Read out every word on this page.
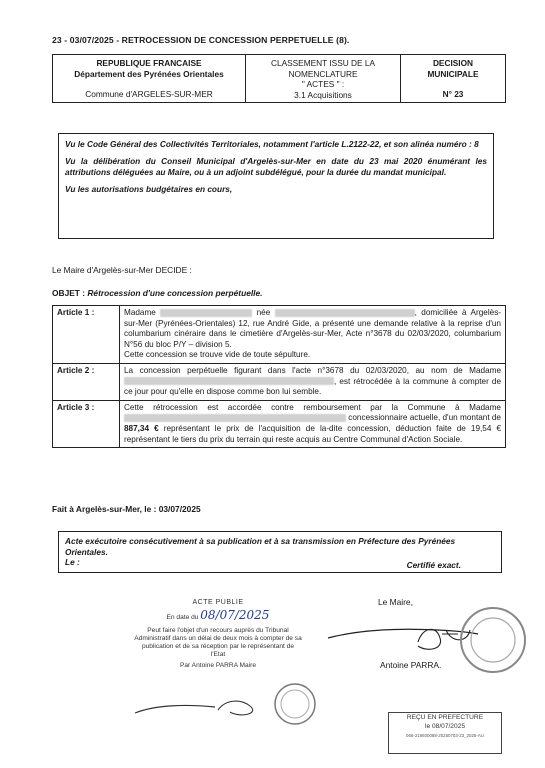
23 - 03/07/2025 - RETROCESSION DE CONCESSION PERPETUELLE (8).
REPUBLIQUE FRANCAISE
Département des Pyrénées Orientales
Commune d'ARGELES-SUR-MER

CLASSEMENT ISSU DE LA
NOMENCLATURE
" ACTES " :
3.1 Acquisitions

DECISION
MUNICIPALE
N° 23

Vu le Code Général des Collectivités Territoriales, notamment l'article L.2122-22, et son alinéa numéro : 8

Vu la délibération du Conseil Municipal d'Argelès-sur-Mer en date du 23 mai 2020 énumérant les attributions déléguées au Maire, ou à un adjoint subdélégué, pour la durée du mandat municipal.

Vu les autorisations budgétaires en cours,

Le Maire d'Argelès-sur-Mer DECIDE :
OBJET : Rétrocession d'une concession perpétuelle.
Article 1 :	Madame née , domiciliée à Argelès-sur-Mer (Pyrénées-Orientales) 12, rue André Gide, a présenté une demande relative à la reprise d'un columbarium cinéraire dans le cimetière d'Argelès-sur-Mer, Acte n°3678 du 02/03/2020, columbarium N°56 du bloc P/Y – division 5.
Cette concession se trouve vide de toute sépulture.
Article 2 :	La concession perpétuelle figurant dans l'acte n°3678 du 02/03/2020, au nom de Madame , est rétrocédée à la commune à compter de ce jour pour qu'elle en dispose comme bon lui semble.
Article 3 :	Cette rétrocession est accordée contre remboursement par la Commune à Madame  concessionnaire actuelle, d'un montant de 887,34 € représentant le prix de l'acquisition de la-dite concession, déduction faite de 19,54 € représentant le tiers du prix du terrain qui reste acquis au Centre Communal d'Action Sociale.
Fait à Argelès-sur-Mer, le : 03/07/2025
Acte exécutoire consécutivement à sa publication et à sa transmission en Préfecture des Pyrénées Orientales.
Le :	Certifié exact.
ACTE PUBLIE
En date du 08/07/2025
Peut faire l'objet d'un recours auprès du Tribunal Administratif dans un délai de deux mois à compter de sa publication et de sa réception par le représentant de l'Etat
Par Antoine PARRA Maire
Le Maire,
Antoine PARRA.
REÇU EN PREFECTURE
le 08/07/2025
066-216600088-20250703-23_2025-AU
